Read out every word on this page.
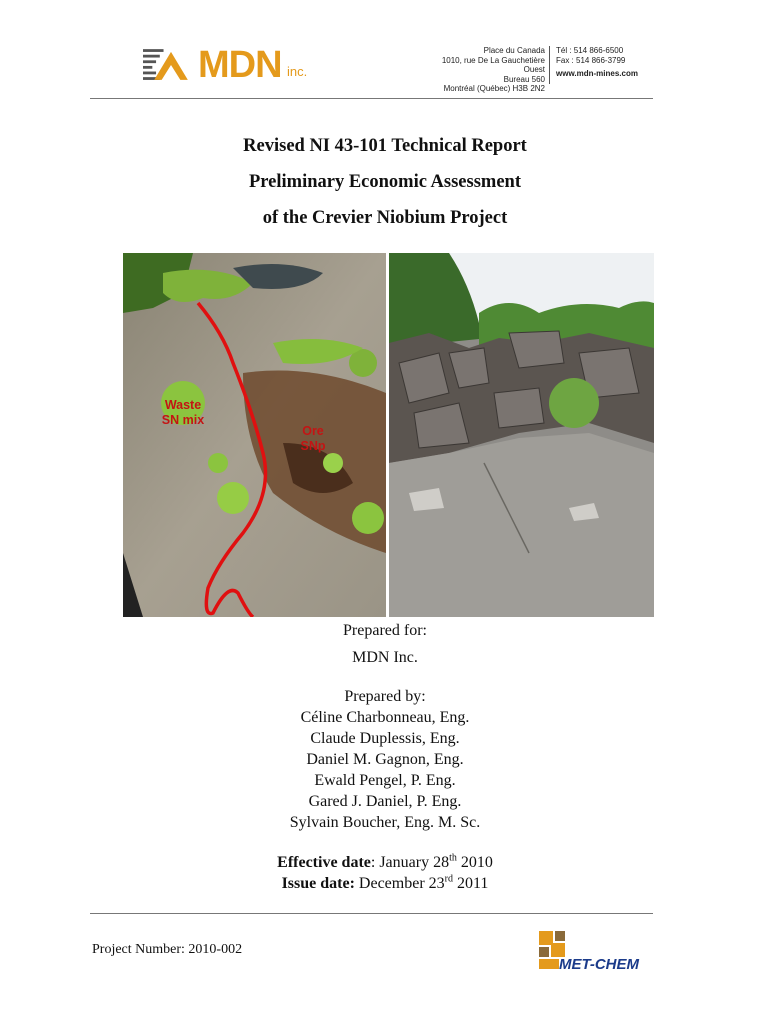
MDN inc.
Place du Canada
1010, rue De La Gauchetière Ouest
Bureau 560
Montréal (Québec) H3B 2N2
Tél : 514 866-6500
Fax : 514 866-3799
www.mdn-mines.com
Revised NI 43-101 Technical Report
Preliminary Economic Assessment
of the Crevier Niobium Project
Waste
SN mix
Ore
SNp
Prepared for:
MDN Inc.
Prepared by:
Céline Charbonneau, Eng.
Claude Duplessis, Eng.
Daniel M. Gagnon, Eng.
Ewald Pengel, P. Eng.
Gared J. Daniel, P. Eng.
Sylvain Boucher, Eng. M. Sc.
Effective date: January 28th 2010
Issue date: December 23rd 2011
Project Number: 2010-002
MET-CHEM
